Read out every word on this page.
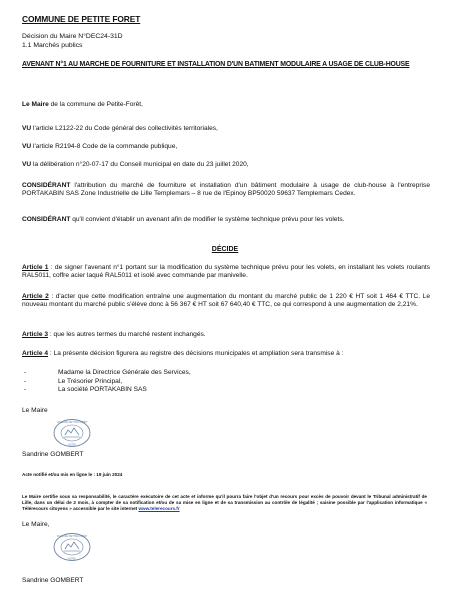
COMMUNE DE PETITE FORET
Décision du Maire N°DEC24-31D
1.1 Marchés publics
AVENANT N°1 AU MARCHE DE FOURNITURE ET INSTALLATION D'UN BATIMENT MODULAIRE A USAGE DE CLUB-HOUSE

Le Maire de la commune de Petite-Forêt,

VU l'article L2122-22 du Code général des collectivités territoriales,

VU l'article R2194-8 Code de la commande publique,

VU la délibération n°20-07-17 du Conseil municipal en date du 23 juillet 2020,

CONSIDÉRANT l'attribution du marché de fourniture et installation d'un bâtiment modulaire à usage de club-house à l'entreprise PORTAKABIN SAS Zone Industrielle de Lille Templemars – 8 rue de l'Epinoy BP50020 59637 Templemars Cedex.

CONSIDÉRANT qu'il convient d'établir un avenant afin de modifier le système technique prévu pour les volets.

DÉCIDE

Article 1 : de signer l'avenant n°1 portant sur la modification du système technique prévu pour les volets, en installant les volets roulants RAL5011, coffre acier laqué RAL5011 et isolé avec commande par manivelle.

Article 2 : d'acter que cette modification entraîne une augmentation du montant du marché public de 1 220 € HT soit 1 464 € TTC. Le nouveau montant du marché public s'élève donc à 56 367 € HT soit 67 640,40 € TTC, ce qui correspond à une augmentation de 2,21%.

Article 3 : que les autres termes du marché restent inchangés.

Article 4 : La présente décision figurera au registre des décisions municipales et ampliation sera transmise à :

-	Madame la Directrice Générale des Services,
-	Le Trésorier Principal,
-	La société PORTAKABIN SAS
Le Maire
VILLE DE PETITE FORÊT
NORD
Sandrine GOMBERT
Acte notifié et/ou mis en ligne le : 19 juin 2024

Le Maire certifie sous sa responsabilité, le caractère exécutoire de cet acte et informe qu'il pourra faire l'objet d'un recours pour excès de pouvoir devant le Tribunal administratif de Lille, dans un délai de 2 mois, à compter de sa notification et/ou de sa mise en ligne et de sa transmission au contrôle de légalité ; saisine possible par l'application informatique « Télérecours citoyens » accessible par le site internet www.telerecours.fr

Le Maire,
VILLE DE PETITE FORÊT
NORD
Sandrine GOMBERT
